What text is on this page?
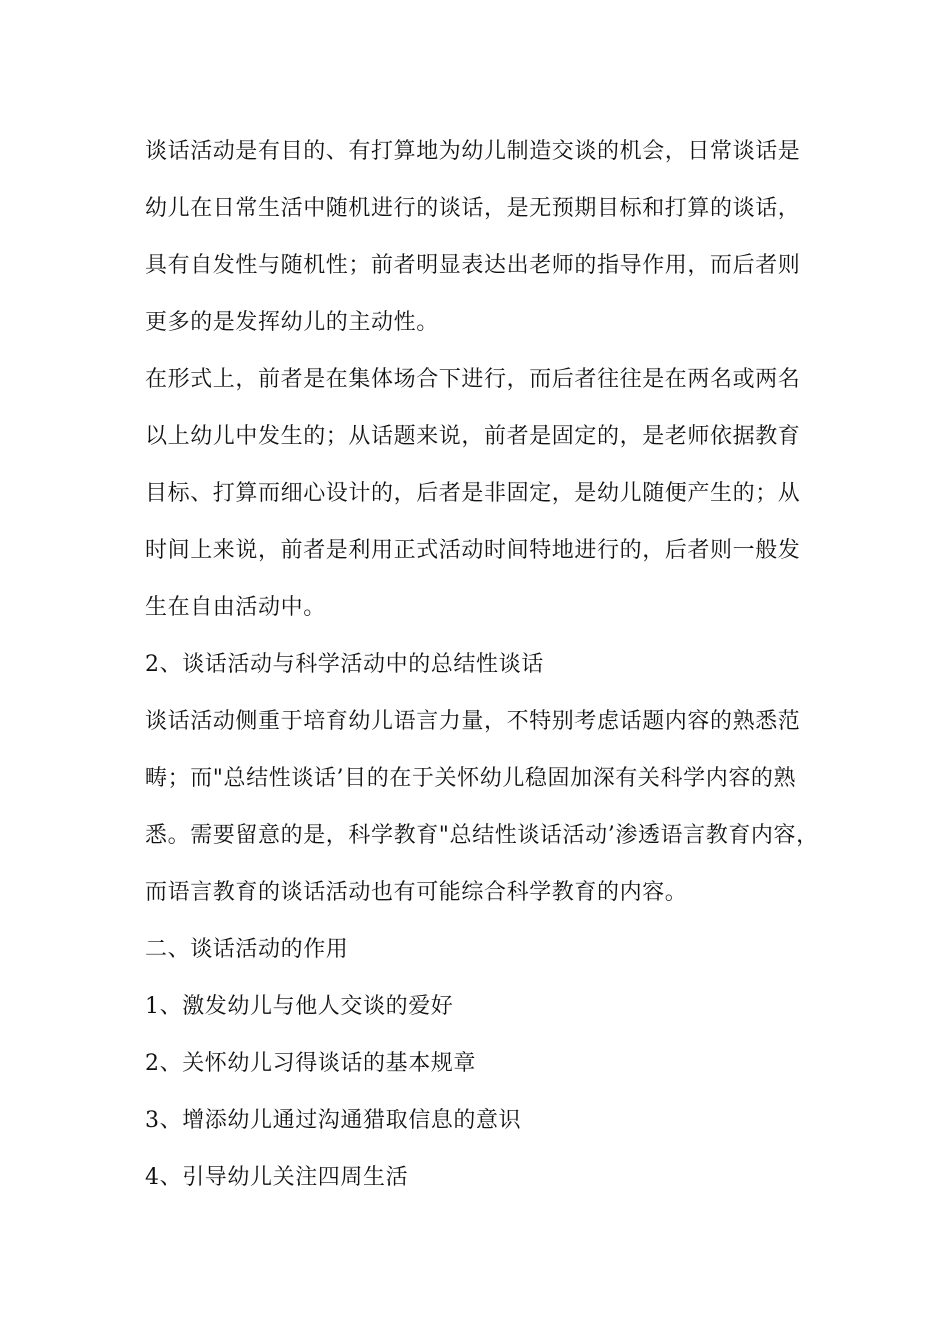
谈话活动是有目的、有打算地为幼儿制造交谈的机会，日常谈话是
幼儿在日常生活中随机进行的谈话，是无预期目标和打算的谈话，
具有自发性与随机性；前者明显表达出老师的指导作用，而后者则
更多的是发挥幼儿的主动性。
在形式上，前者是在集体场合下进行，而后者往往是在两名或两名
以上幼儿中发生的；从话题来说，前者是固定的，是老师依据教育
目标、打算而细心设计的，后者是非固定，是幼儿随便产生的；从
时间上来说，前者是利用正式活动时间特地进行的，后者则一般发
生在自由活动中。
2、谈话活动与科学活动中的总结性谈话
谈话活动侧重于培育幼儿语言力量，不特别考虑话题内容的熟悉范
畴；而"总结性谈话’目的在于关怀幼儿稳固加深有关科学内容的熟
悉。需要留意的是，科学教育"总结性谈话活动’渗透语言教育内容，
而语言教育的谈话活动也有可能综合科学教育的内容。
二、谈话活动的作用
1、激发幼儿与他人交谈的爱好
2、关怀幼儿习得谈话的基本规章
3、增添幼儿通过沟通猎取信息的意识
4、引导幼儿关注四周生活
